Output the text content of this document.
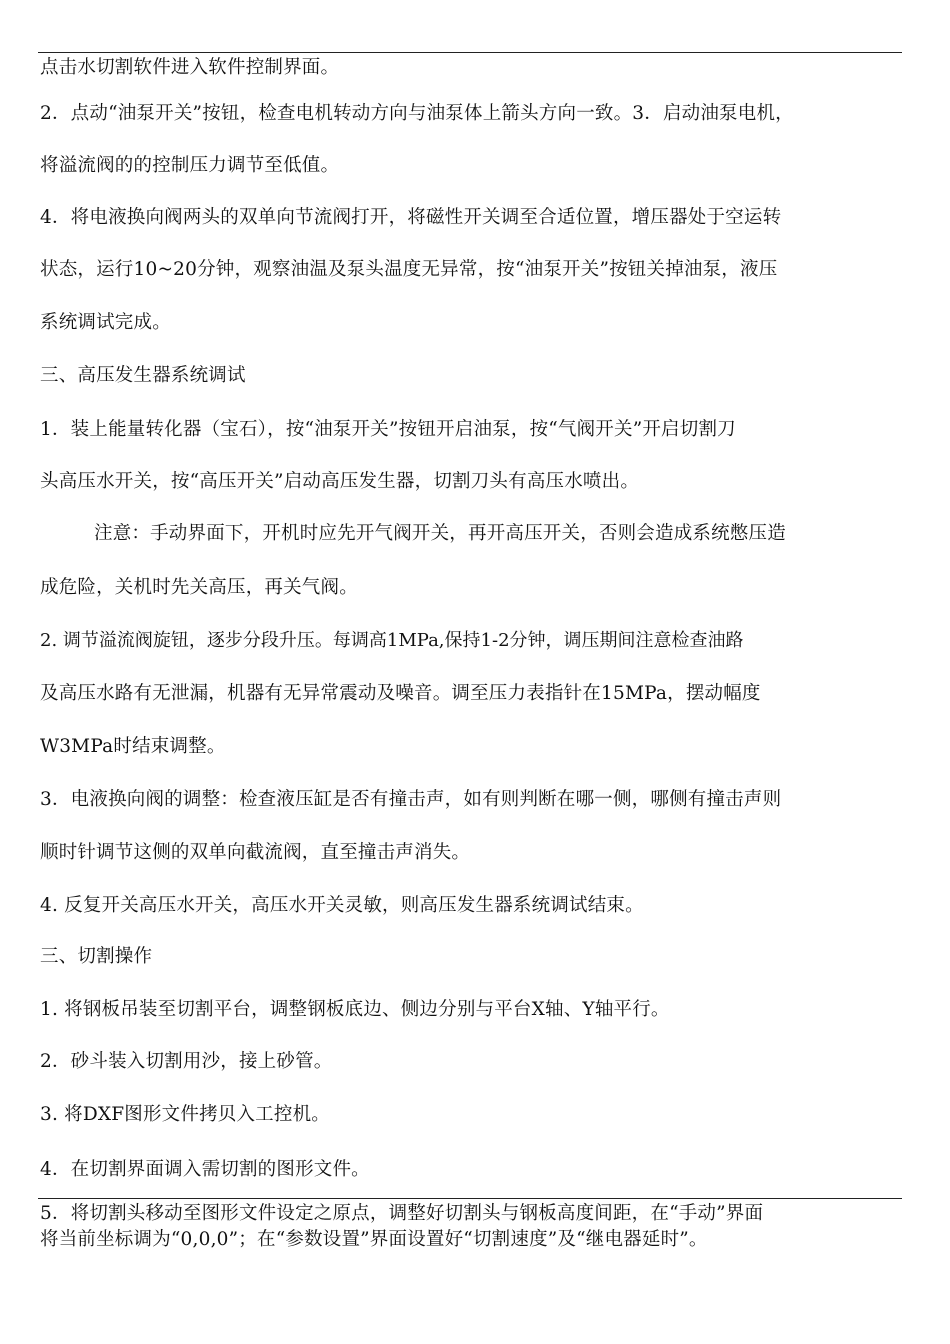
点击水切割软件进入软件控制界面。
2．点动“油泵开关”按钮，检查电机转动方向与油泵体上箭头方向一致。3．启动油泵电机，
将溢流阀的的控制压力调节至低值。
4．将电液换向阀两头的双单向节流阀打开，将磁性开关调至合适位置，增压器处于空运转
状态，运行10~20分钟，观察油温及泵头温度无异常，按“油泵开关”按钮关掉油泵，液压
系统调试完成。
三、高压发生器系统调试
1．装上能量转化器（宝石），按“油泵开关”按钮开启油泵，按“气阀开关”开启切割刀
头高压水开关，按“高压开关”启动高压发生器，切割刀头有高压水喷出。
注意：手动界面下，开机时应先开气阀开关，再开高压开关，否则会造成系统憋压造
成危险，关机时先关高压，再关气阀。
2. 调节溢流阀旋钮，逐步分段升压。每调高1MPa,保持1-2分钟，调压期间注意检查油路
及高压水路有无泄漏，机器有无异常震动及噪音。调至压力表指针在15MPa，摆动幅度
W3MPa时结束调整。
3．电液换向阀的调整：检查液压缸是否有撞击声，如有则判断在哪一侧，哪侧有撞击声则
顺时针调节这侧的双单向截流阀，直至撞击声消失。
4. 反复开关高压水开关，高压水开关灵敏，则高压发生器系统调试结束。
三、切割操作
1. 将钢板吊装至切割平台，调整钢板底边、侧边分别与平台X轴、Y轴平行。
2．砂斗装入切割用沙，接上砂管。
3. 将DXF图形文件拷贝入工控机。
4．在切割界面调入需切割的图形文件。
5．将切割头移动至图形文件设定之原点，调整好切割头与钢板高度间距，在“手动”界面
将当前坐标调为“0,0,0”；在“参数设置”界面设置好“切割速度”及“继电器延时”。
